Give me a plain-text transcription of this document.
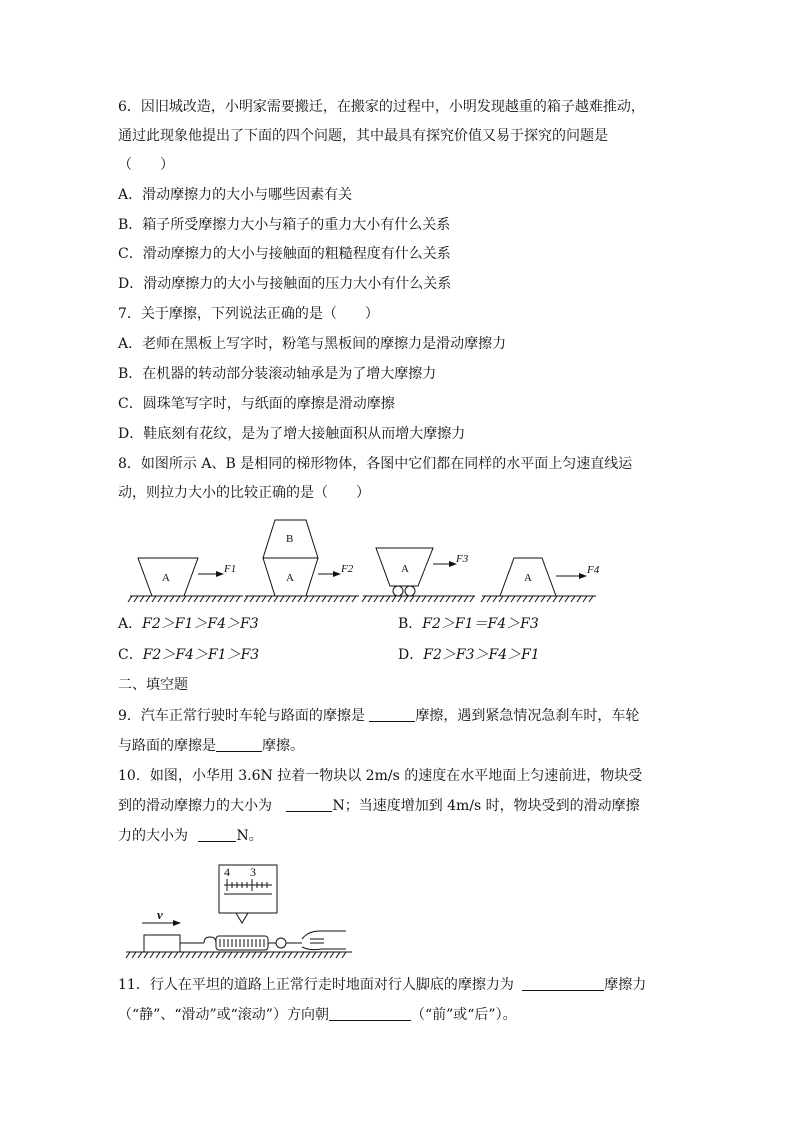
6．因旧城改造，小明家需要搬迁，在搬家的过程中，小明发现越重的箱子越难推动，
通过此现象他提出了下面的四个问题，其中最具有探究价值又易于探究的问题是
（　　）
A．滑动摩擦力的大小与哪些因素有关
B．箱子所受摩擦力大小与箱子的重力大小有什么关系
C．滑动摩擦力的大小与接触面的粗糙程度有什么关系
D．滑动摩擦力的大小与接触面的压力大小有什么关系
7．关于摩擦，下列说法正确的是（　　）
A．老师在黑板上写字时，粉笔与黑板间的摩擦力是滑动摩擦力
B．在机器的转动部分装滚动轴承是为了增大摩擦力
C．圆珠笔写字时，与纸面的摩擦是滑动摩擦
D．鞋底刻有花纹，是为了增大接触面积从而增大摩擦力
8．如图所示 A、B 是相同的梯形物体，各图中它们都在同样的水平面上匀速直线运
动，则拉力大小的比较正确的是（　　）
A	A
B
A
A
F1	F2
F3
F4
A．F2＞F1＞F4＞F3	B．F2＞F1＝F4＞F3
C．F2＞F4＞F1＞F3	D．F2＞F3＞F4＞F1
二、填空题
9．汽车正常行驶时车轮与路面的摩擦是	摩擦，遇到紧急情况急刹车时，车轮
与路面的摩擦是	摩擦。
10．如图，小华用 3.6N 拉着一物块以 2m/s 的速度在水平地面上匀速前进，物块受
到的滑动摩擦力的大小为	N；当速度增加到 4m/s 时，物块受到的滑动摩擦
力的大小为	N。
4 3
v
11．行人在平坦的道路上正常行走时地面对行人脚底的摩擦力为	摩擦力
（“静”、“滑动”或“滚动”）方向朝	（“前”或“后”）。
